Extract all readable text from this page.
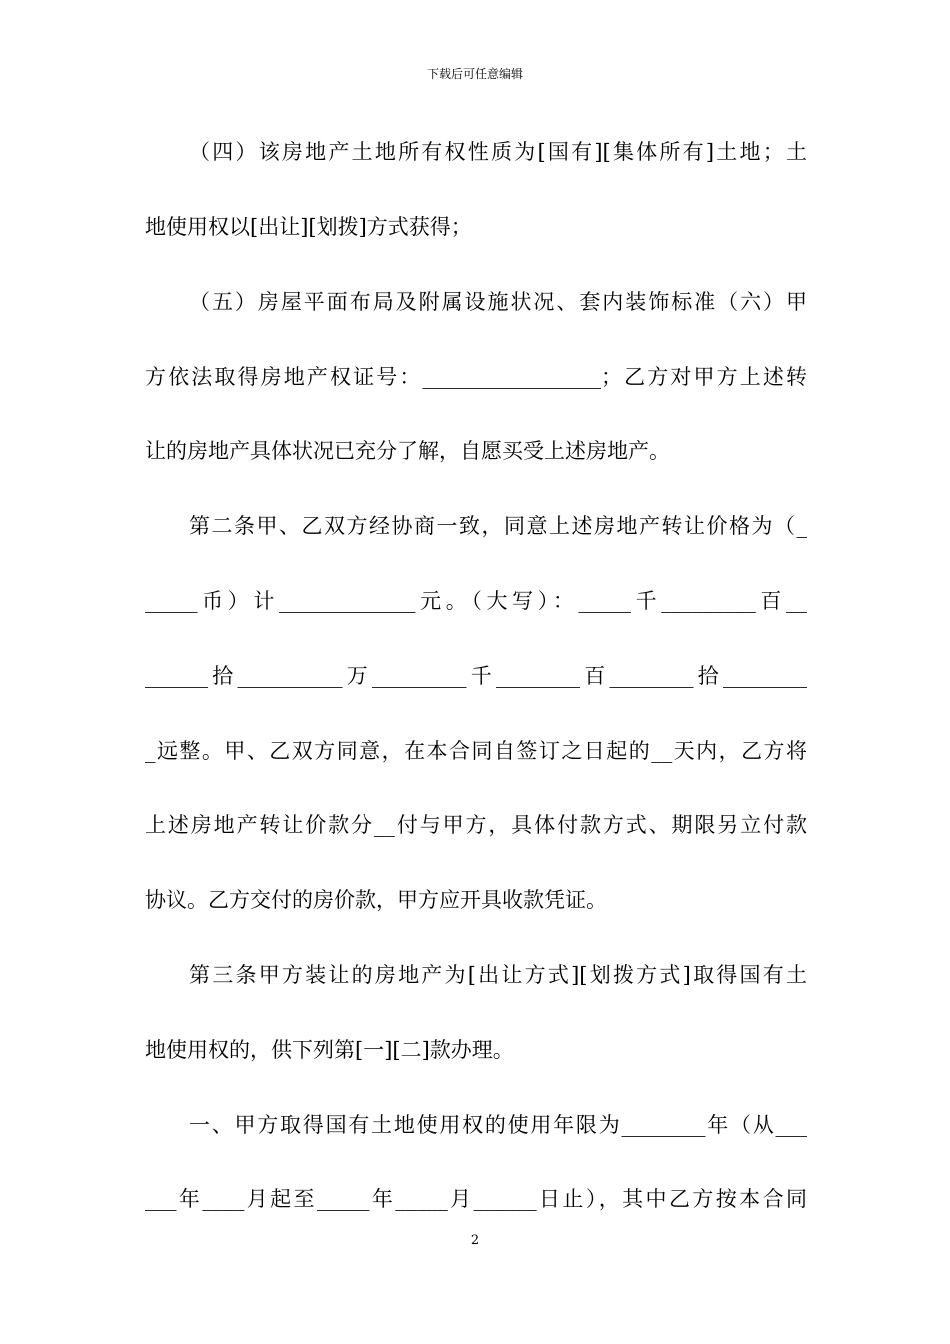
下载后可任意编辑
（四）该房地产土地所有权性质为[国有][集体所有]土地；土
地使用权以[出让][划拨]方式获得；
（五）房屋平面布局及附属设施状况、套内装饰标准（六）甲
方依法取得房地产权证号：_________________；乙方对甲方上述转
让的房地产具体状况已充分了解，自愿买受上述房地产。
第二条甲、乙双方经协商一致，同意上述房地产转让价格为（_
_____币）计_____________元。（大写）：_____千_________百__
______拾__________万_________千________百________拾________
_远整。甲、乙双方同意，在本合同自签订之日起的__天内，乙方将
上述房地产转让价款分__付与甲方，具体付款方式、期限另立付款
协议。乙方交付的房价款，甲方应开具收款凭证。
第三条甲方装让的房地产为[出让方式][划拨方式]取得国有土
地使用权的，供下列第[一][二]款办理。
一、甲方取得国有土地使用权的使用年限为________年（从___
___年____月起至_____年_____月______日止），其中乙方按本合同
2
